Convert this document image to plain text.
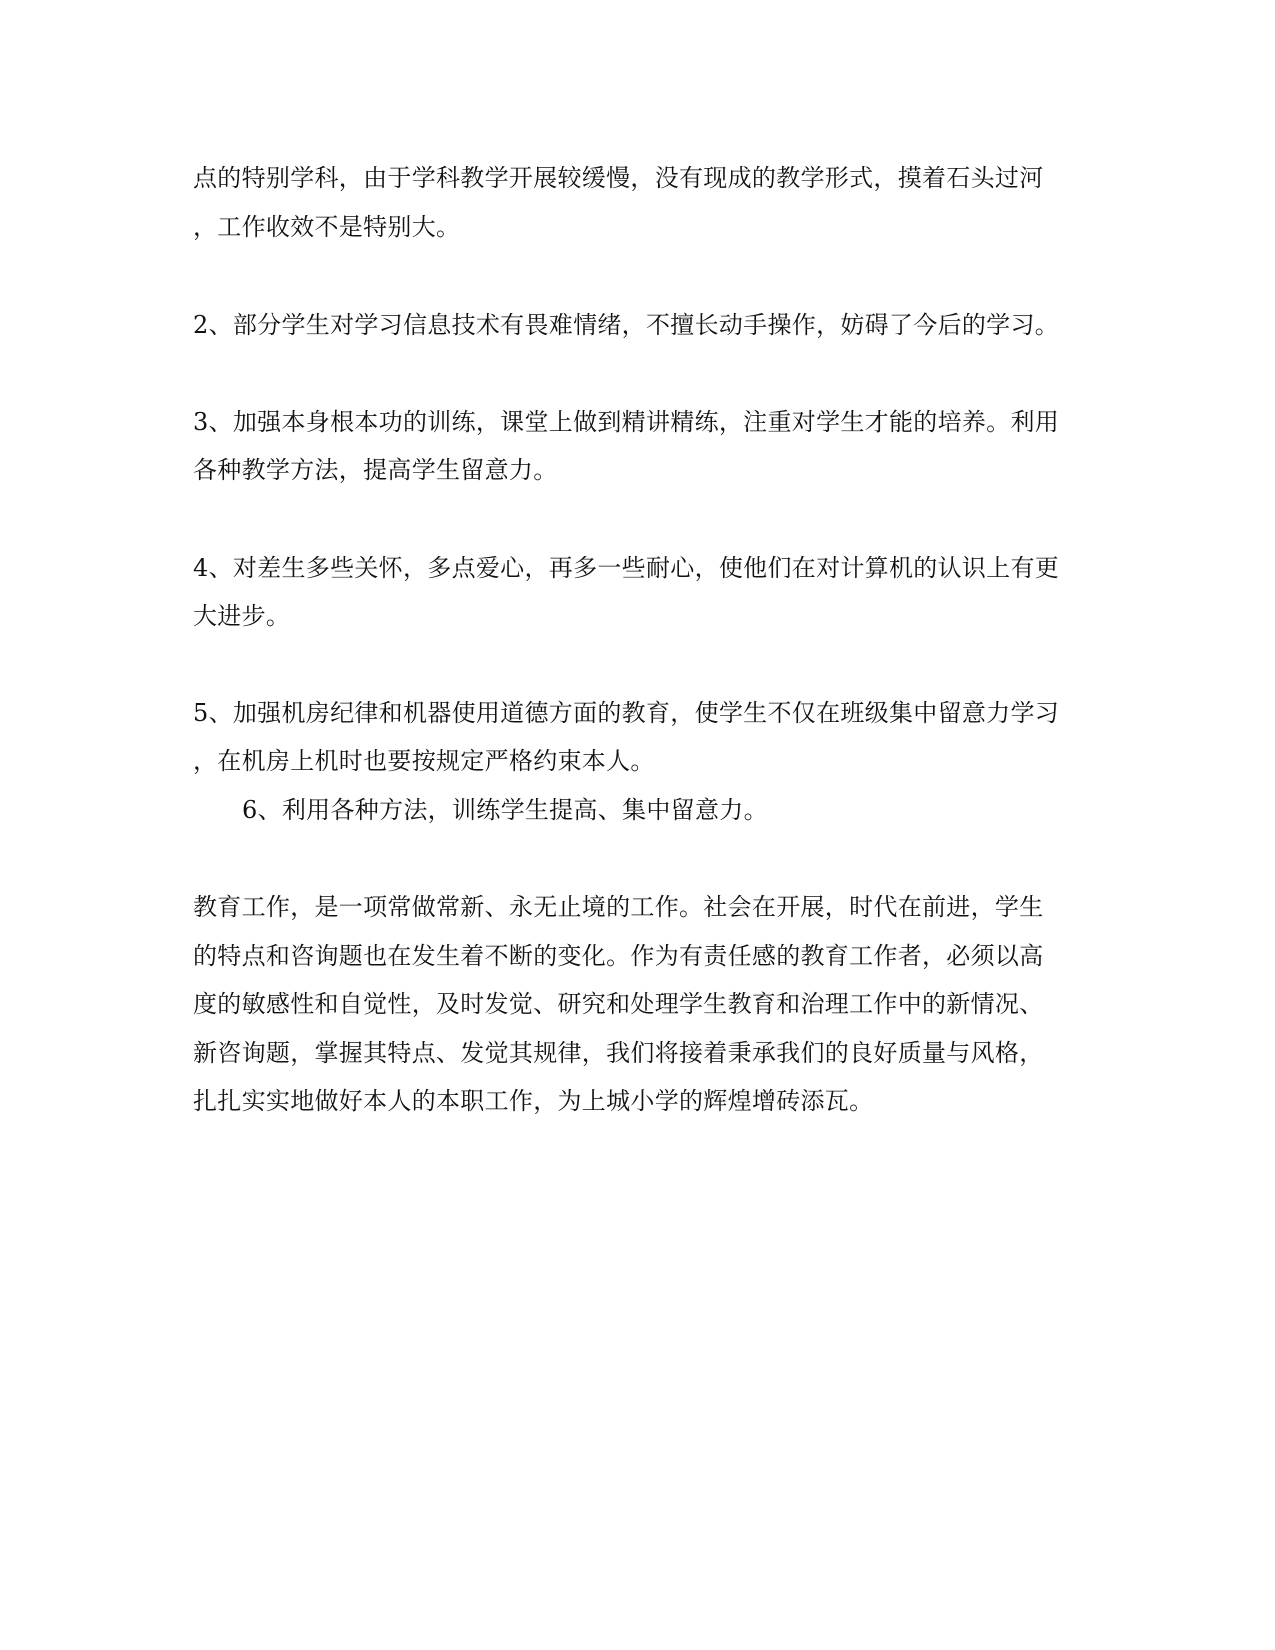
点的特别学科，由于学科教学开展较缓慢，没有现成的教学形式，摸着石头过河
，工作收效不是特别大。
2、部分学生对学习信息技术有畏难情绪，不擅长动手操作，妨碍了今后的学习。
3、加强本身根本功的训练，课堂上做到精讲精练，注重对学生才能的培养。利用
各种教学方法，提高学生留意力。
4、对差生多些关怀，多点爱心，再多一些耐心，使他们在对计算机的认识上有更
大进步。
5、加强机房纪律和机器使用道德方面的教育，使学生不仅在班级集中留意力学习
，在机房上机时也要按规定严格约束本人。
6、利用各种方法，训练学生提高、集中留意力。
教育工作，是一项常做常新、永无止境的工作。社会在开展，时代在前进，学生
的特点和咨询题也在发生着不断的变化。作为有责任感的教育工作者，必须以高
度的敏感性和自觉性，及时发觉、研究和处理学生教育和治理工作中的新情况、
新咨询题，掌握其特点、发觉其规律，我们将接着秉承我们的良好质量与风格，
扎扎实实地做好本人的本职工作，为上城小学的辉煌增砖添瓦。
